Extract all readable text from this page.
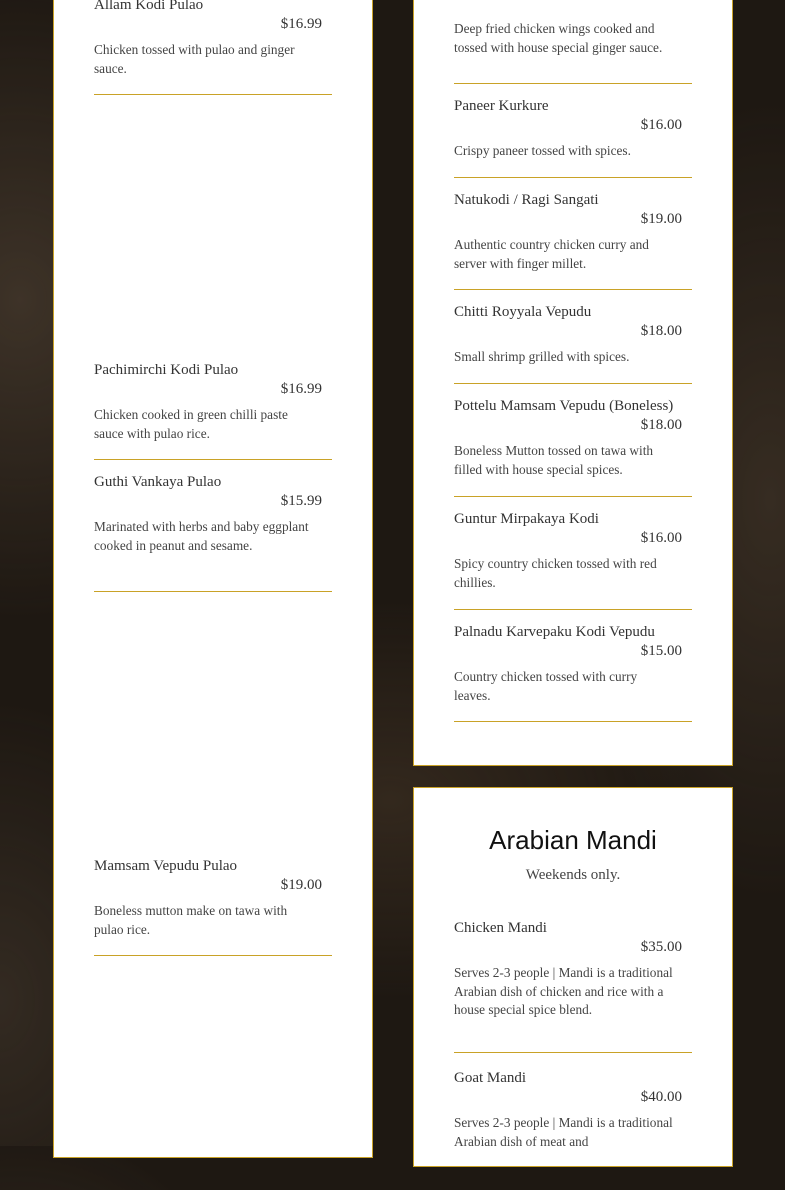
Allam Kodi Pulao
$16.99
Chicken tossed with pulao and ginger sauce.
Pachimirchi Kodi Pulao
$16.99
Chicken cooked in green chilli paste sauce with pulao rice.
Guthi Vankaya Pulao
$15.99
Marinated with herbs and baby eggplant cooked in peanut and sesame.
Mamsam Vepudu Pulao
$19.00
Boneless mutton make on tawa with pulao rice.
Deep fried chicken wings cooked and tossed with house special ginger sauce.
Paneer Kurkure
$16.00
Crispy paneer tossed with spices.
Natukodi / Ragi Sangati
$19.00
Authentic country chicken curry and server with finger millet.
Chitti Royyala Vepudu
$18.00
Small shrimp grilled with spices.
Pottelu Mamsam Vepudu (Boneless)
$18.00
Boneless Mutton tossed on tawa with filled with house special spices.
Guntur Mirpakaya Kodi
$16.00
Spicy country chicken tossed with red chillies.
Palnadu Karvepaku Kodi Vepudu
$15.00
Country chicken tossed with curry leaves.
Arabian Mandi
Weekends only.
Chicken Mandi
$35.00
Serves 2-3 people | Mandi is a traditional Arabian dish of chicken and rice with a house special spice blend.
Goat Mandi
$40.00
Serves 2-3 people | Mandi is a traditional Arabian dish of meat and
